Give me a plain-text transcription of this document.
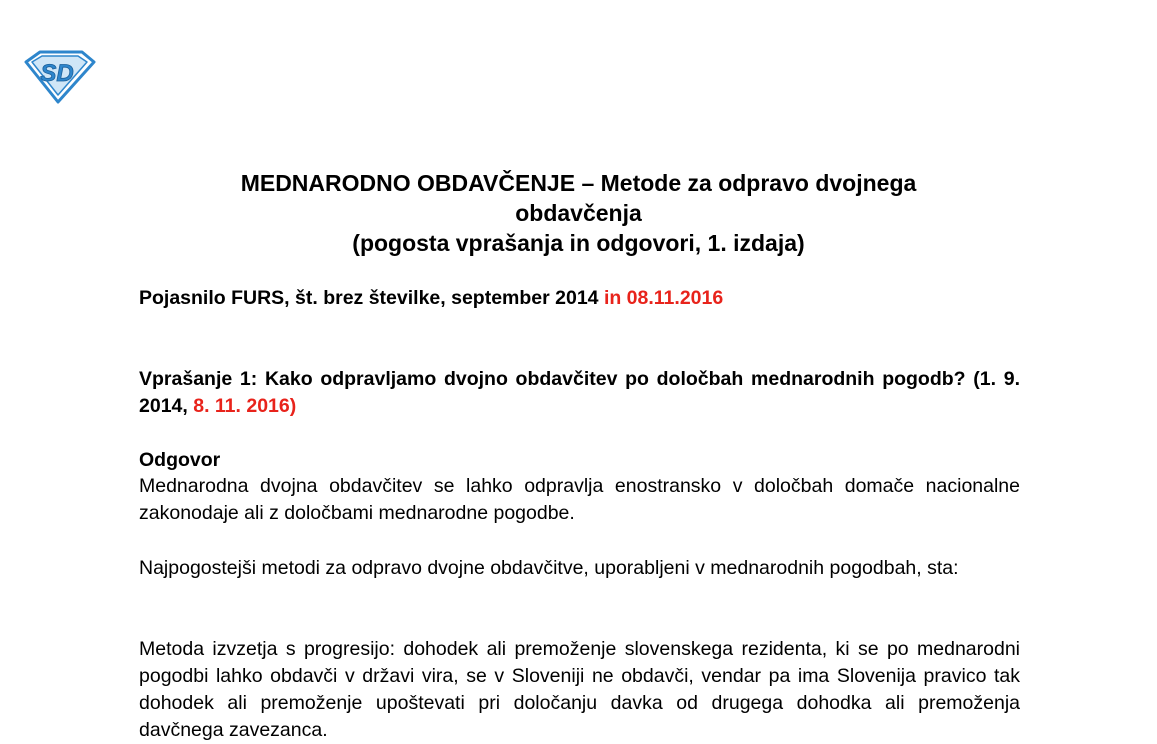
SD
MEDNARODNO OBDAVČENJE – Metode za odpravo dvojnega
obdavčenja
(pogosta vprašanja in odgovori, 1. izdaja)
Pojasnilo FURS, št. brez številke, september 2014 in 08.11.2016
Vprašanje 1: Kako odpravljamo dvojno obdavčitev po določbah mednarodnih pogodb? (1. 9. 2014, 8. 11. 2016)
Odgovor
Mednarodna dvojna obdavčitev se lahko odpravlja enostransko v določbah domače nacionalne zakonodaje ali z določbami mednarodne pogodbe.
Najpogostejši metodi za odpravo dvojne obdavčitve, uporabljeni v mednarodnih pogodbah, sta:
Metoda izvzetja s progresijo: dohodek ali premoženje slovenskega rezidenta, ki se po mednarodni pogodbi lahko obdavči v državi vira, se v Sloveniji ne obdavči, vendar pa ima Slovenija pravico tak dohodek ali premoženje upoštevati pri določanju davka od drugega dohodka ali premoženja davčnega zavezanca.
